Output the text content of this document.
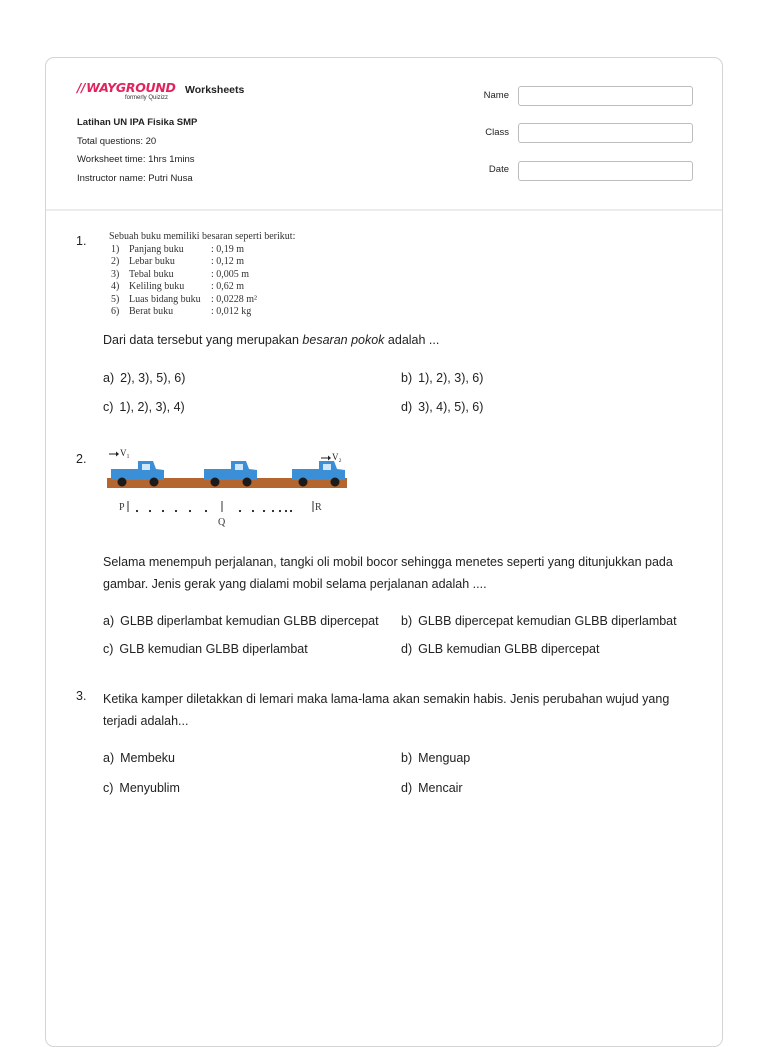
//WAYGROUND
formerly Quizizz
Worksheets
Latihan UN IPA Fisika SMP
Total questions: 20
Worksheet time: 1hrs 1mins
Instructor name: Putri Nusa
Name
Class
Date
1. Sebuah buku memiliki besaran seperti berikut:
1) Panjang buku	: 0,19 m
2) Lebar buku	: 0,12 m
3) Tebal buku	: 0,005 m
4) Keliling buku	: 0,62 m
5) Luas bidang buku : 0,0228 m²
6) Berat buku	: 0,012 kg
Dari data tersebut yang merupakan besaran pokok adalah ...
a) 2), 3), 5), 6)	b) 1), 2), 3), 6)
c) 1), 2), 3), 4)	d) 3), 4), 5), 6)
2.	V₁	V₂
P
Q
R
Selama menempuh perjalanan, tangki oli mobil bocor sehingga menetes seperti yang ditunjukkan pada gambar. Jenis gerak yang dialami mobil selama perjalanan adalah ....
a) GLBB diperlambat kemudian GLBB dipercepat b) GLBB dipercepat kemudian GLBB diperlambat
c) GLB kemudian GLBB diperlambat	d) GLB kemudian GLBB dipercepat
3. Ketika kamper diletakkan di lemari maka lama-lama akan semakin habis. Jenis perubahan wujud yang terjadi adalah...
a) Membeku	b) Menguap
c) Menyublim	d) Mencair
